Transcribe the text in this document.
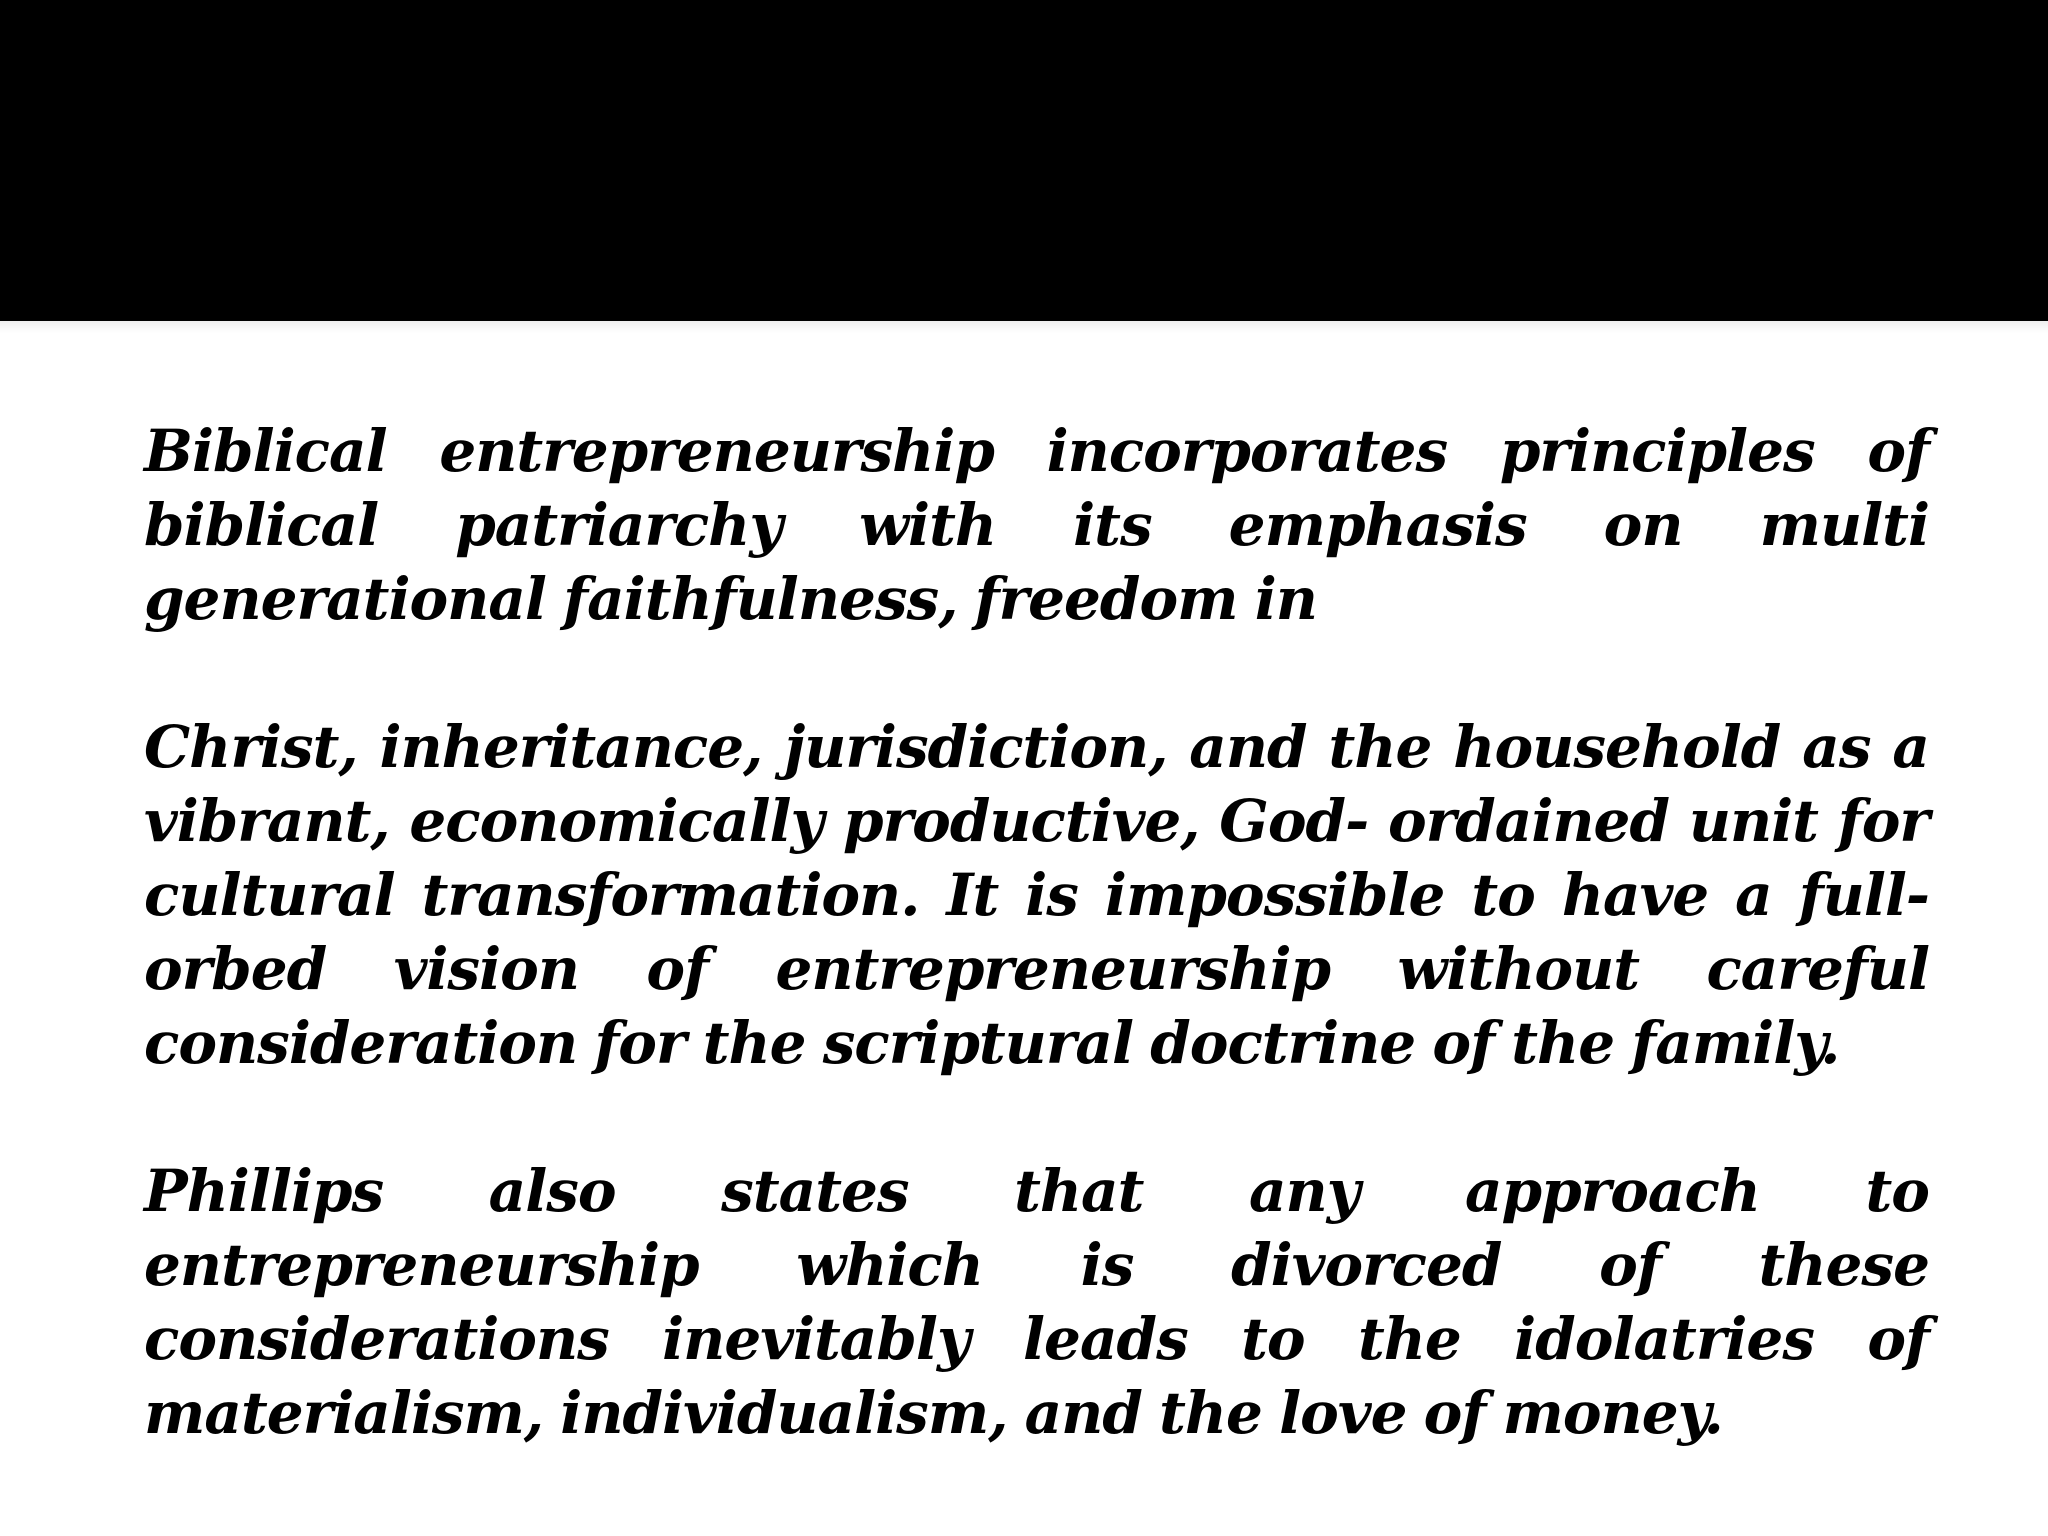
Biblical entrepreneurship incorporates principles of biblical patriarchy with its emphasis on multi generational faithfulness, freedom in

Christ, inheritance, jurisdiction, and the household as a vibrant, economically productive, God- ordained unit for cultural transformation. It is impossible to have a full-orbed vision of entrepreneurship without careful consideration for the scriptural doctrine of the family.

Phillips also states that any approach to entrepreneurship which is divorced of these considerations inevitably leads to the idolatries of materialism, individualism, and the love of money.
